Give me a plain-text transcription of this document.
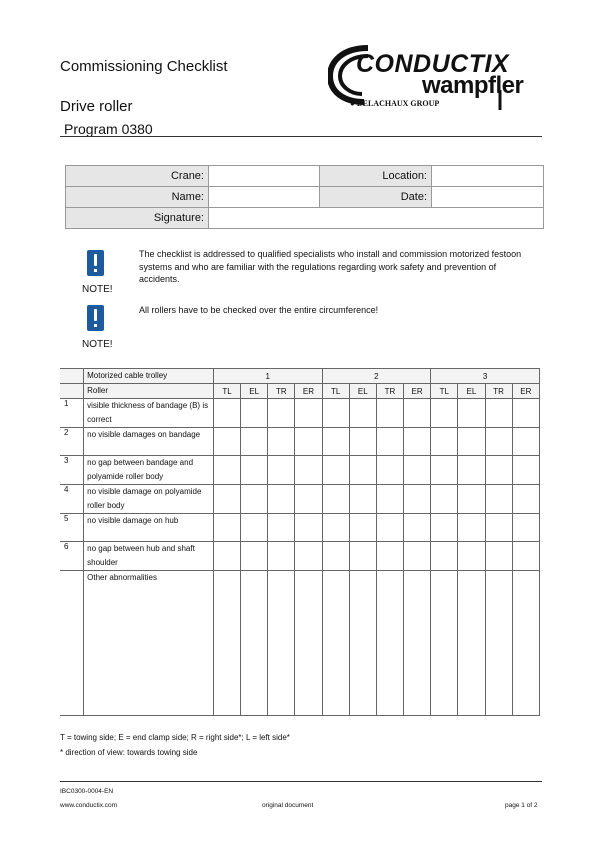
Commissioning Checklist
Drive roller
Program 0380
CONDUCTIX
wampfler
● DELACHAUX GROUP
Crane:		Location:	
Name:		Date:	
Signature:			
NOTE!
The checklist is addressed to qualified specialists who install and commission motorized festoon systems and who are familiar with the regulations regarding work safety and prevention of accidents.
NOTE!
All rollers have to be checked over the entire circumference!
	Motorized cable trolley	1				2				3			
	Roller	TL	EL	TR	ER	TL	EL	TR	ER	TL	EL	TR	ER
1	visible thickness of bandage (B) is correct												
2	no visible damages on bandage												
3	no gap between bandage and polyamide roller body												
4	no visible damage on polyamide roller body												
5	no visible damage on hub												
6	no gap between hub and shaft shoulder												
	Other abnormalities												
T = towing side; E = end clamp side; R = right side*; L = left side*
* direction of view: towards towing side
IBC0300-0004-EN
www.conductix.com	original document	page 1 of 2
